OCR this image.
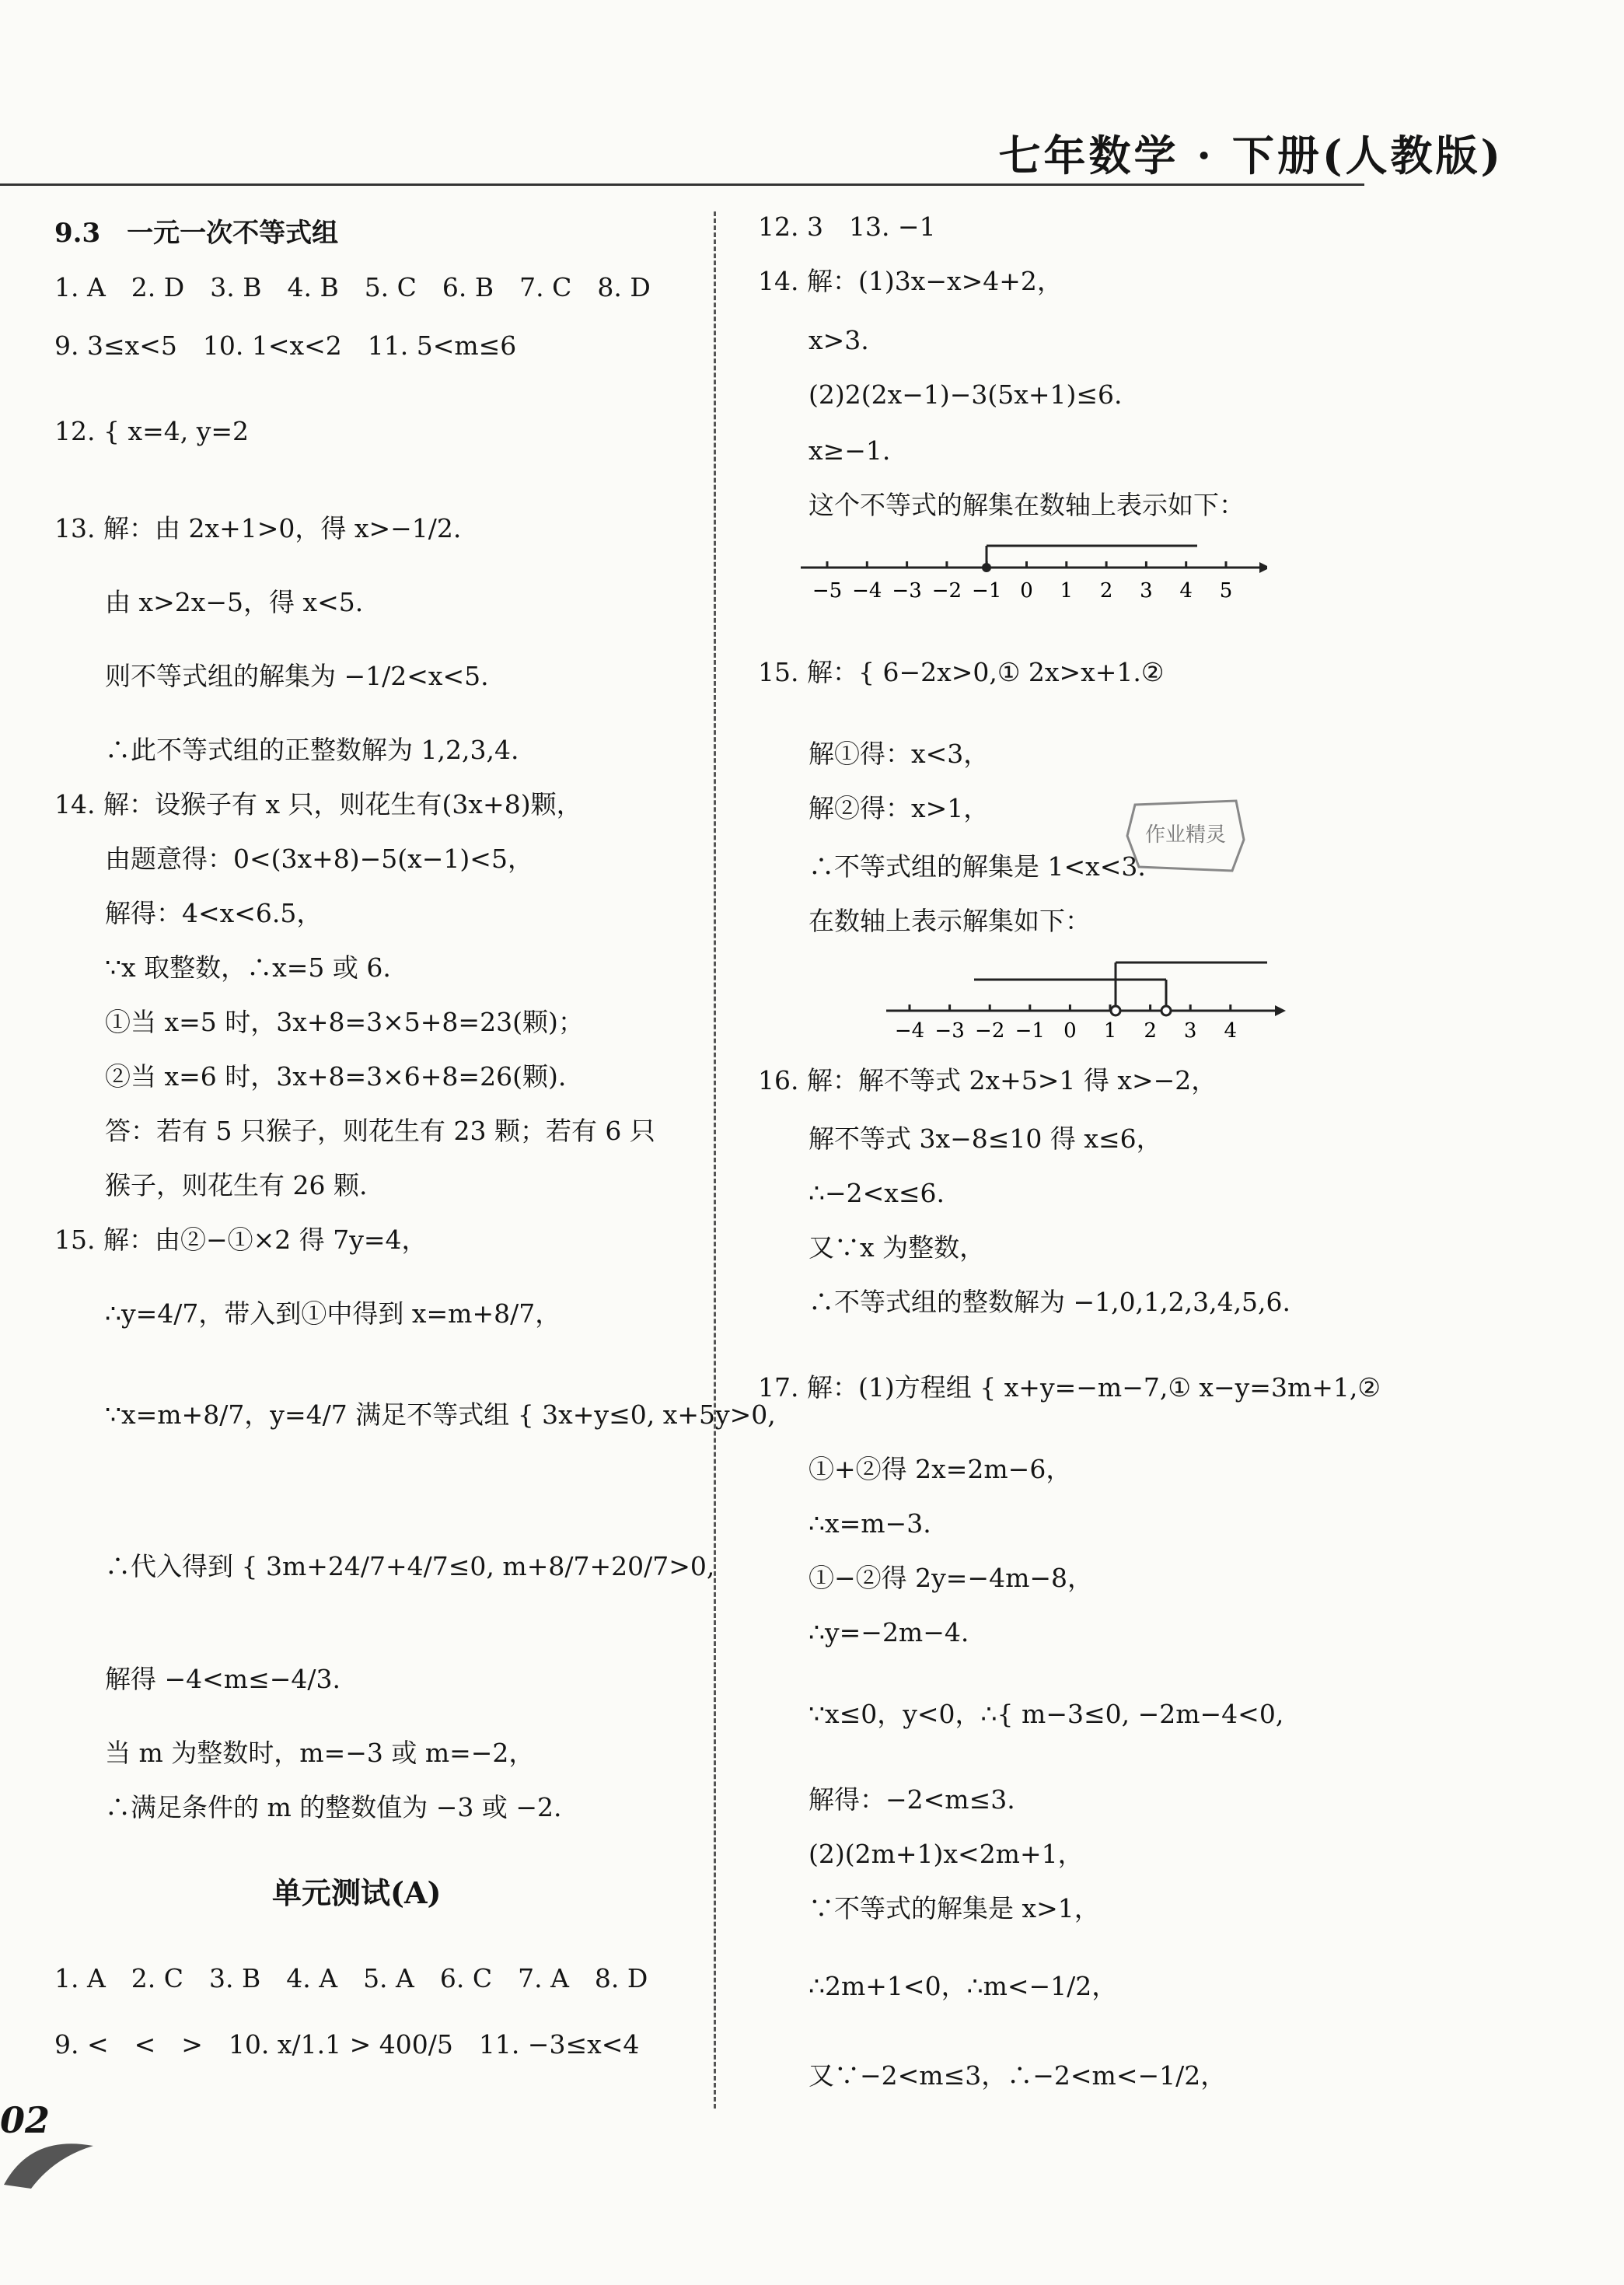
七年数学 · 下册(人教版)
9.3　一元一次不等式组
1. A　2. D　3. B　4. B　5. C　6. B　7. C　8. D
9. 3≤x<5　10. 1<x<2　11. 5<m≤6
12. { x=4, y=2
13. 解：由 2x+1>0，得 x>−1/2.
由 x>2x−5，得 x<5.
则不等式组的解集为 −1/2<x<5.
∴此不等式组的正整数解为 1,2,3,4.
14. 解：设猴子有 x 只，则花生有(3x+8)颗，
由题意得：0<(3x+8)−5(x−1)<5，
解得：4<x<6.5，
∵x 取整数，∴x=5 或 6.
①当 x=5 时，3x+8=3×5+8=23(颗)；
②当 x=6 时，3x+8=3×6+8=26(颗).
答：若有 5 只猴子，则花生有 23 颗；若有 6 只
猴子，则花生有 26 颗.
15. 解：由②−①×2 得 7y=4，
∴y=4/7，带入到①中得到 x=m+8/7，
∵x=m+8/7，y=4/7 满足不等式组 { 3x+y≤0, x+5y>0,
∴代入得到 { 3m+24/7+4/7≤0, m+8/7+20/7>0,
解得 −4<m≤−4/3.
当 m 为整数时，m=−3 或 m=−2，
∴满足条件的 m 的整数值为 −3 或 −2.
单元测试(A)
1. A　2. C　3. B　4. A　5. A　6. C　7. A　8. D
9. <　<　>　10. x/1.1 > 400/5　11. −3≤x<4
12. 3　13. −1
14. 解：(1)3x−x>4+2，
x>3.
(2)2(2x−1)−3(5x+1)≤6.
x≥−1.
这个不等式的解集在数轴上表示如下：
15. 解：{ 6−2x>0,① 2x>x+1.②
解①得：x<3，
解②得：x>1，
∴不等式组的解集是 1<x<3.
在数轴上表示解集如下：
16. 解：解不等式 2x+5>1 得 x>−2，
解不等式 3x−8≤10 得 x≤6，
∴−2<x≤6.
又∵x 为整数，
∴不等式组的整数解为 −1,0,1,2,3,4,5,6.
17. 解：(1)方程组 { x+y=−m−7,① x−y=3m+1,②
①+②得 2x=2m−6，
∴x=m−3.
①−②得 2y=−4m−8，
∴y=−2m−4.
∵x≤0，y<0，∴{ m−3≤0, −2m−4<0,
解得：−2<m≤3.
(2)(2m+1)x<2m+1，
∵不等式的解集是 x>1，
∴2m+1<0，∴m<−1/2，
又∵−2<m≤3，∴−2<m<−1/2，
−5 −4 −3 −2 −1 0 1 2 3 4 5
−4 −3 −2 −1 0 1 2 3 4
作业精灵
02
